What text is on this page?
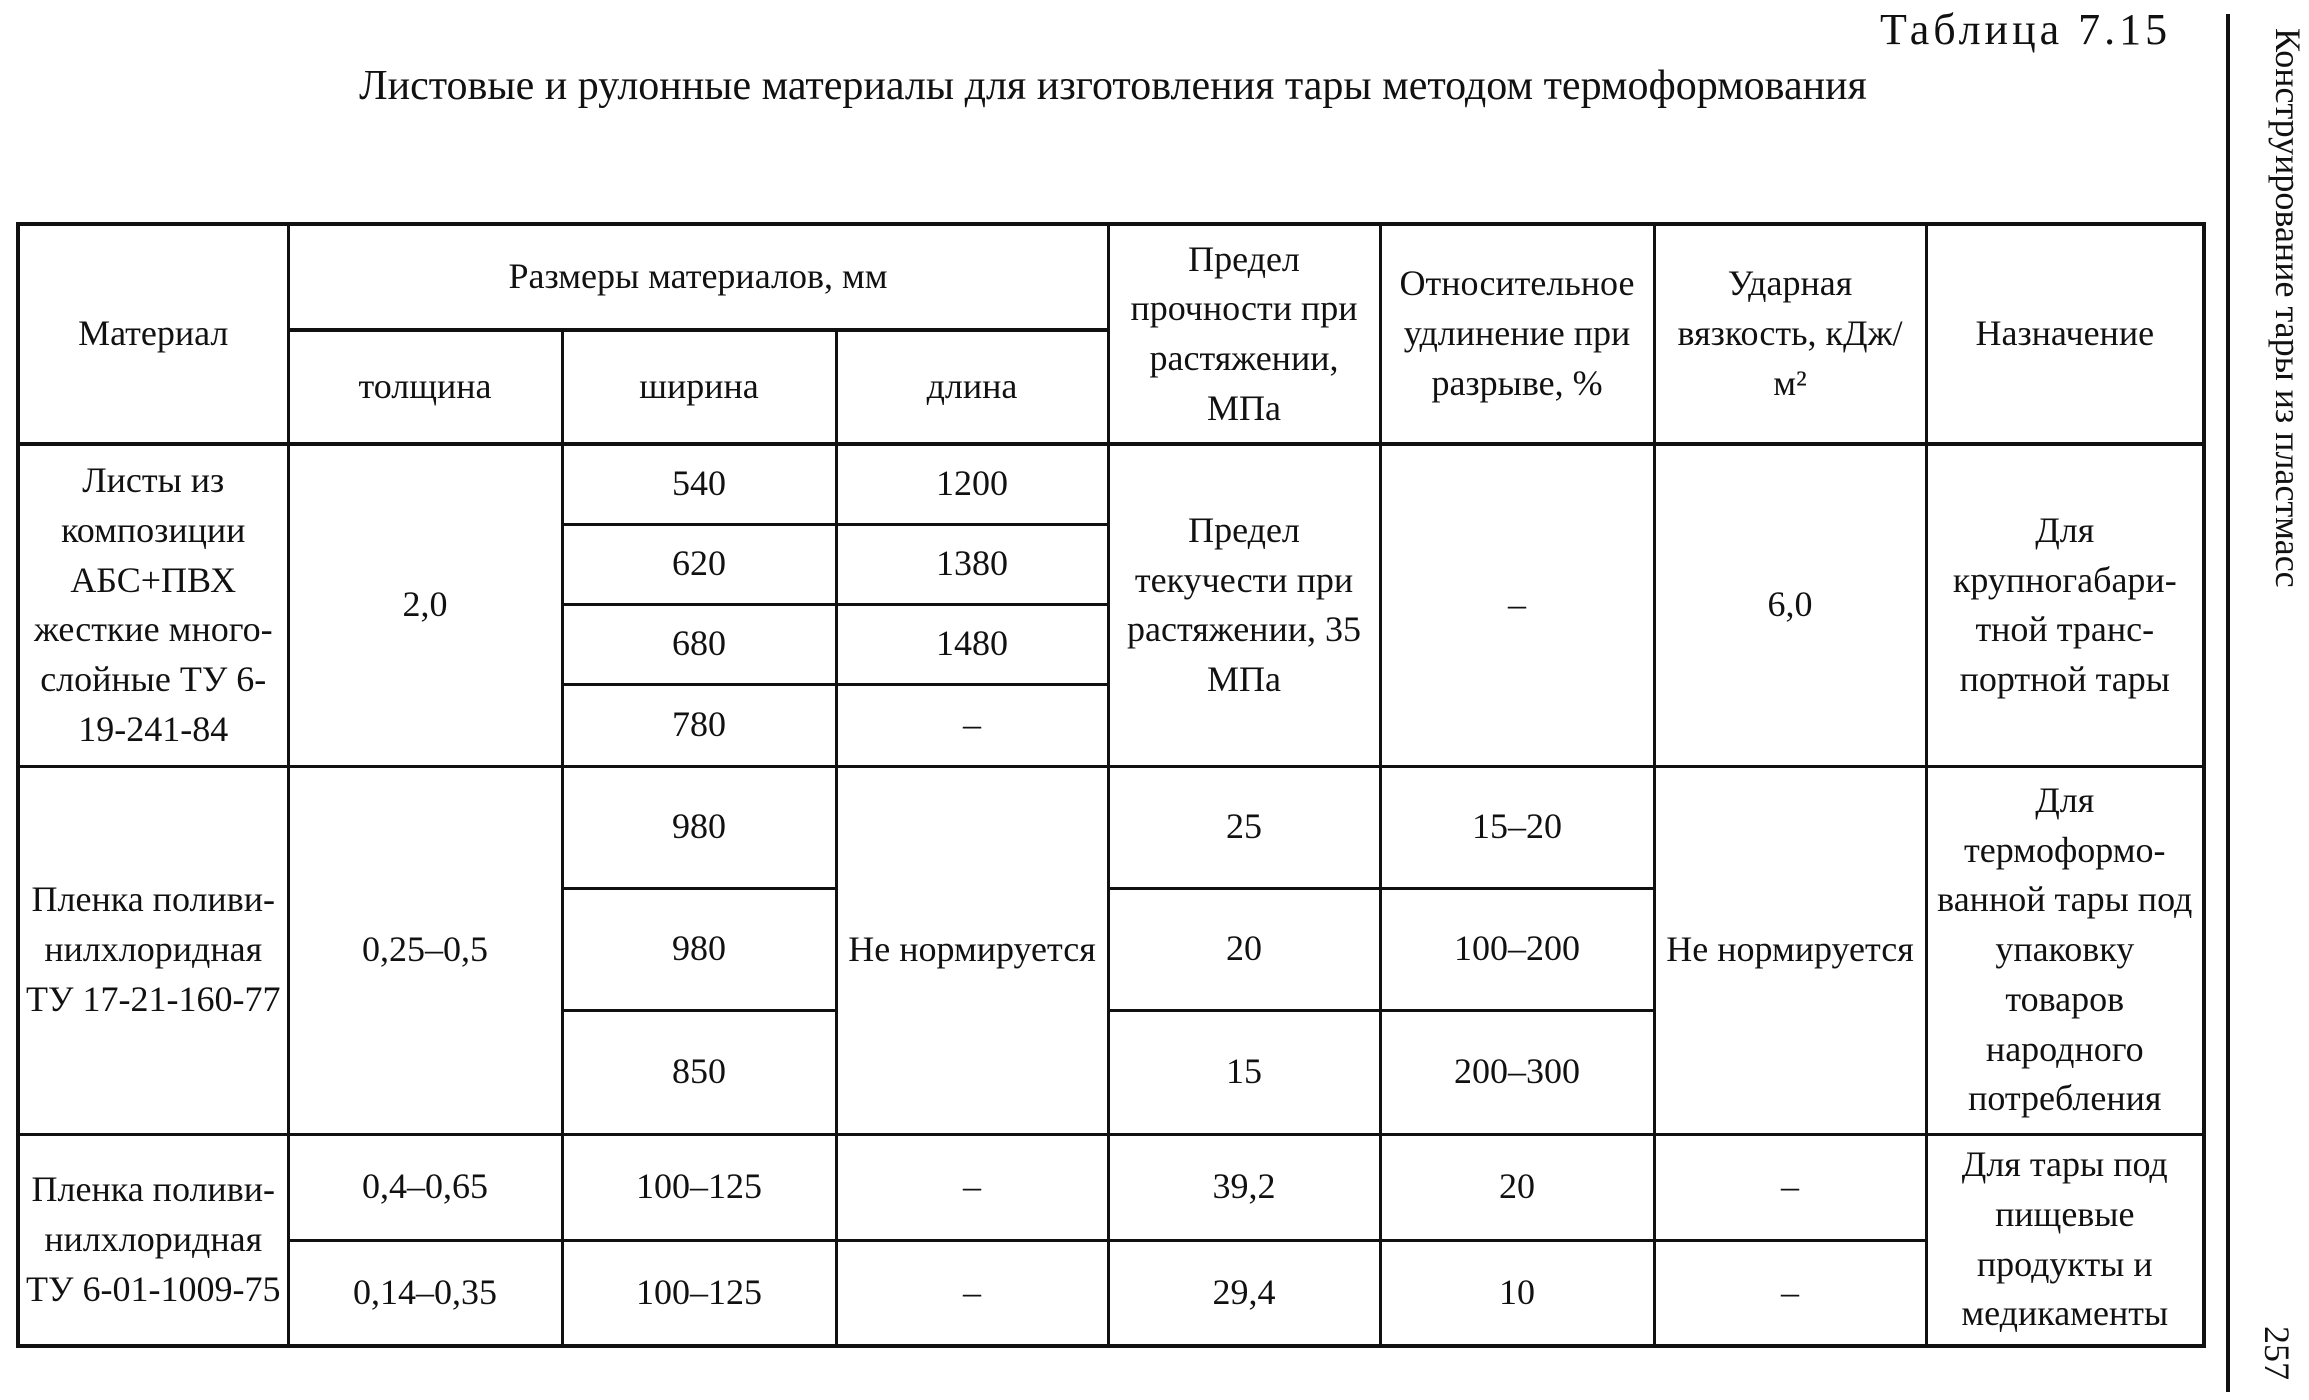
Таблица 7.15
Листовые и рулонные материалы для изготовления тары методом термоформования	Конструирование тары из пластмасс
257
Материал	Размеры материалов, мм			Предел прочности при растяжении, МПа	Относительное удлинение при разрыве, %	Ударная вязкость, кДж/м²	Назначение
	толщина	ширина	длина				
Листы из композиции АБС+ПВХ жесткие много-слойные ТУ 6-19-241-84	2,0	540	1200	Предел текучести при растяжении, 35 МПа	–	6,0	Для крупногабари-тной транс-портной тары
		620	1380				
		680	1480				
		780	–				
Пленка поливи-нилхлоридная ТУ 17-21-160-77	0,25–0,5	980	Не нормируется	25	15–20	Не нормируется	Для термоформо-ванной тары под упаковку товаров народного потребления
		980		20	100–200		
		850		15	200–300		
Пленка поливи-нилхлоридная ТУ 6-01-1009-75	0,4–0,65	100–125	–	39,2	20	–	Для тары под пищевые продукты и медикаменты
	0,14–0,35	100–125	–	29,4	10	–	
